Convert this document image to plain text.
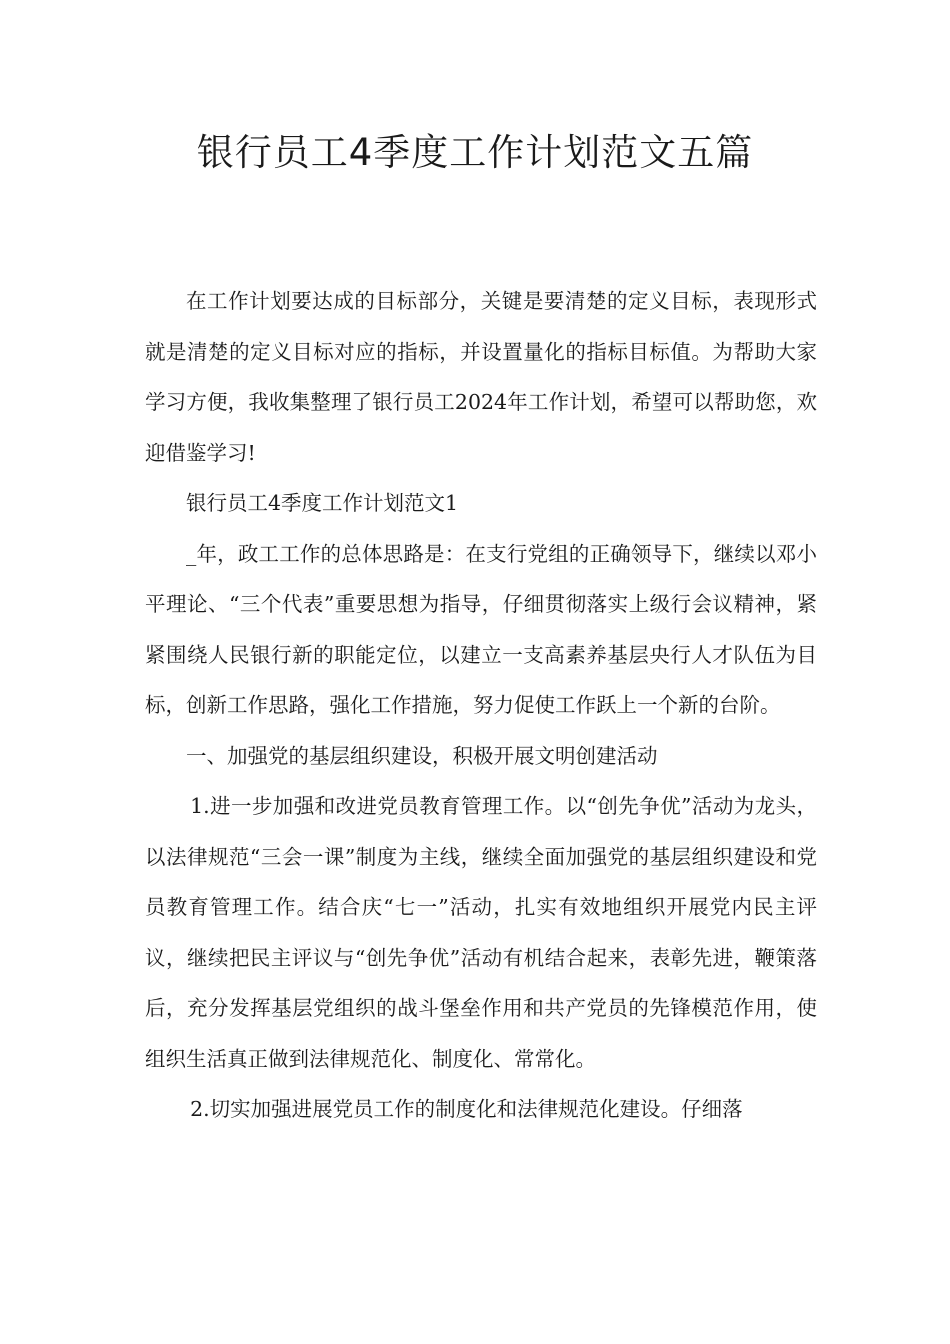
银行员工4季度工作计划范文五篇

在工作计划要达成的目标部分，关键是要清楚的定义目标，表现形式就是清楚的定义目标对应的指标，并设置量化的指标目标值。为帮助大家学习方便，我收集整理了银行员工2024年工作计划，希望可以帮助您，欢迎借鉴学习!

银行员工4季度工作计划范文1

_年，政工工作的总体思路是：在支行党组的正确领导下，继续以邓小平理论、“三个代表”重要思想为指导，仔细贯彻落实上级行会议精神，紧紧围绕人民银行新的职能定位，以建立一支高素养基层央行人才队伍为目标，创新工作思路，强化工作措施，努力促使工作跃上一个新的台阶。

一、加强党的基层组织建设，积极开展文明创建活动

1.进一步加强和改进党员教育管理工作。以“创先争优”活动为龙头，以法律规范“三会一课”制度为主线，继续全面加强党的基层组织建设和党员教育管理工作。结合庆“七一”活动，扎实有效地组织开展党内民主评议，继续把民主评议与“创先争优”活动有机结合起来，表彰先进，鞭策落后，充分发挥基层党组织的战斗堡垒作用和共产党员的先锋模范作用，使组织生活真正做到法律规范化、制度化、常常化。

2.切实加强进展党员工作的制度化和法律规范化建设。仔细落
